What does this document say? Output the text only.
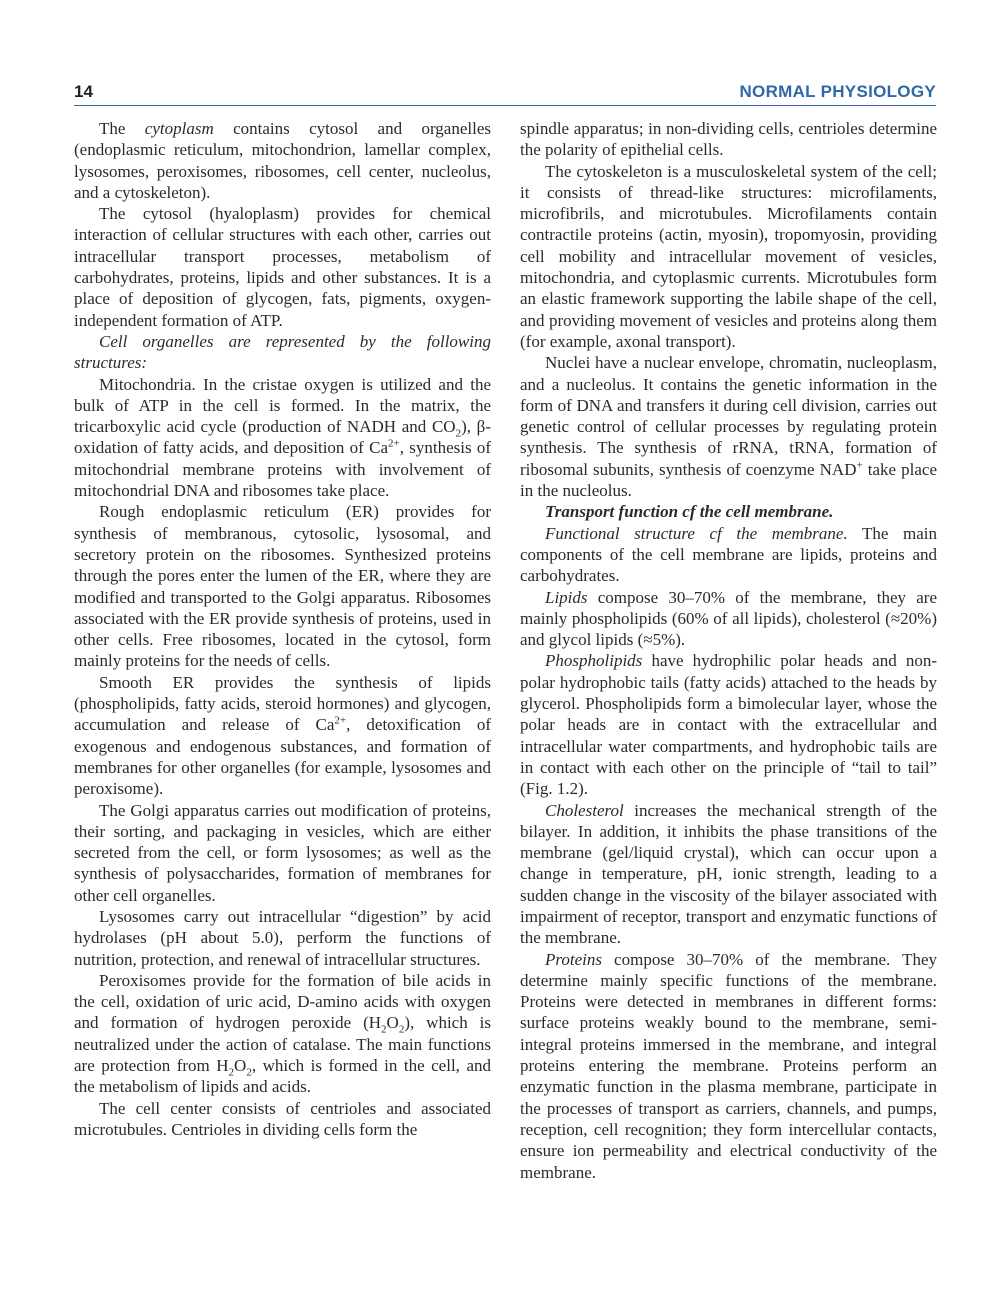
14	NORMAL PHYSIOLOGY

The cytoplasm contains cytosol and organelles (endoplasmic reticulum, mitochondrion, lamellar complex, lysosomes, peroxisomes, ribosomes, cell center, nucleolus, and a cytoskeleton).

The cytosol (hyaloplasm) provides for chemical interaction of cellular structures with each other, carries out intracellular transport processes, metabolism of carbohydrates, proteins, lipids and other substances. It is a place of deposition of glycogen, fats, pigments, oxygen-independent formation of ATP.

Cell organelles are represented by the following structures:

Mitochondria. In the cristae oxygen is utilized and the bulk of ATP in the cell is formed. In the matrix, the tricarboxylic acid cycle (production of NADH and $CO_2$), β-oxidation of fatty acids, and deposition of $Ca^{2+}$, synthesis of mitochondrial membrane proteins with involvement of mitochondrial DNA and ribosomes take place.

Rough endoplasmic reticulum (ER) provides for synthesis of membranous, cytosolic, lysosomal, and secretory protein on the ribosomes. Synthesized proteins through the pores enter the lumen of the ER, where they are modified and transported to the Golgi apparatus. Ribosomes associated with the ER provide synthesis of proteins, used in other cells. Free ribosomes, located in the cytosol, form mainly proteins for the needs of cells.

Smooth ER provides the synthesis of lipids (phospholipids, fatty acids, steroid hormones) and glycogen, accumulation and release of $Ca^{2+}$, detoxification of exogenous and endogenous substances, and formation of membranes for other organelles (for example, lysosomes and peroxisome).

The Golgi apparatus carries out modification of proteins, their sorting, and packaging in vesicles, which are either secreted from the cell, or form lysosomes; as well as the synthesis of polysaccharides, formation of membranes for other cell organelles.

Lysosomes carry out intracellular “digestion” by acid hydrolases (pH about 5.0), perform the functions of nutrition, protection, and renewal of intracellular structures.

Peroxisomes provide for the formation of bile acids in the cell, oxidation of uric acid, D-amino acids with oxygen and formation of hydrogen peroxide $(H_2O_2)$, which is neutralized under the action of catalase. The main functions are protection from $H_2O_2$, which is formed in the cell, and the metabolism of lipids and acids.

The cell center consists of centrioles and associated microtubules. Centrioles in dividing cells form the

spindle apparatus; in non-dividing cells, centrioles determine the polarity of epithelial cells.

The cytoskeleton is a musculoskeletal system of the cell; it consists of thread-like structures: microfilaments, microfibrils, and microtubules. Microfilaments contain contractile proteins (actin, myosin), tropomyosin, providing cell mobility and intracellular movement of vesicles, mitochondria, and cytoplasmic currents. Microtubules form an elastic framework supporting the labile shape of the cell, and providing movement of vesicles and proteins along them (for example, axonal transport).

Nuclei have a nuclear envelope, chromatin, nucleoplasm, and a nucleolus. It contains the genetic information in the form of DNA and transfers it during cell division, carries out genetic control of cellular processes by regulating protein synthesis. The synthesis of rRNA, tRNA, formation of ribosomal subunits, synthesis of coenzyme NAD+ take place in the nucleolus.

Transport function cf the cell membrane.

Functional structure cf the membrane. The main components of the cell membrane are lipids, proteins and carbohydrates.

Lipids compose 30–70% of the membrane, they are mainly phospholipids (60% of all lipids), cholesterol (≈20%) and glycol lipids (≈5%).

Phospholipids have hydrophilic polar heads and non-polar hydrophobic tails (fatty acids) attached to the heads by glycerol. Phospholipids form a bimolecular layer, whose the polar heads are in contact with the extracellular and intracellular water compartments, and hydrophobic tails are in contact with each other on the principle of “tail to tail” (Fig. 1.2).

Cholesterol increases the mechanical strength of the bilayer. In addition, it inhibits the phase transitions of the membrane (gel/liquid crystal), which can occur upon a change in temperature, pH, ionic strength, leading to a sudden change in the viscosity of the bilayer associated with impairment of receptor, transport and enzymatic functions of the membrane.

Proteins compose 30–70% of the membrane. They determine mainly specific functions of the membrane. Proteins were detected in membranes in different forms: surface proteins weakly bound to the membrane, semi-integral proteins immersed in the membrane, and integral proteins entering the membrane. Proteins perform an enzymatic function in the plasma membrane, participate in the processes of transport as carriers, channels, and pumps, reception, cell recognition; they form intercellular contacts, ensure ion permeability and electrical conductivity of the membrane.
